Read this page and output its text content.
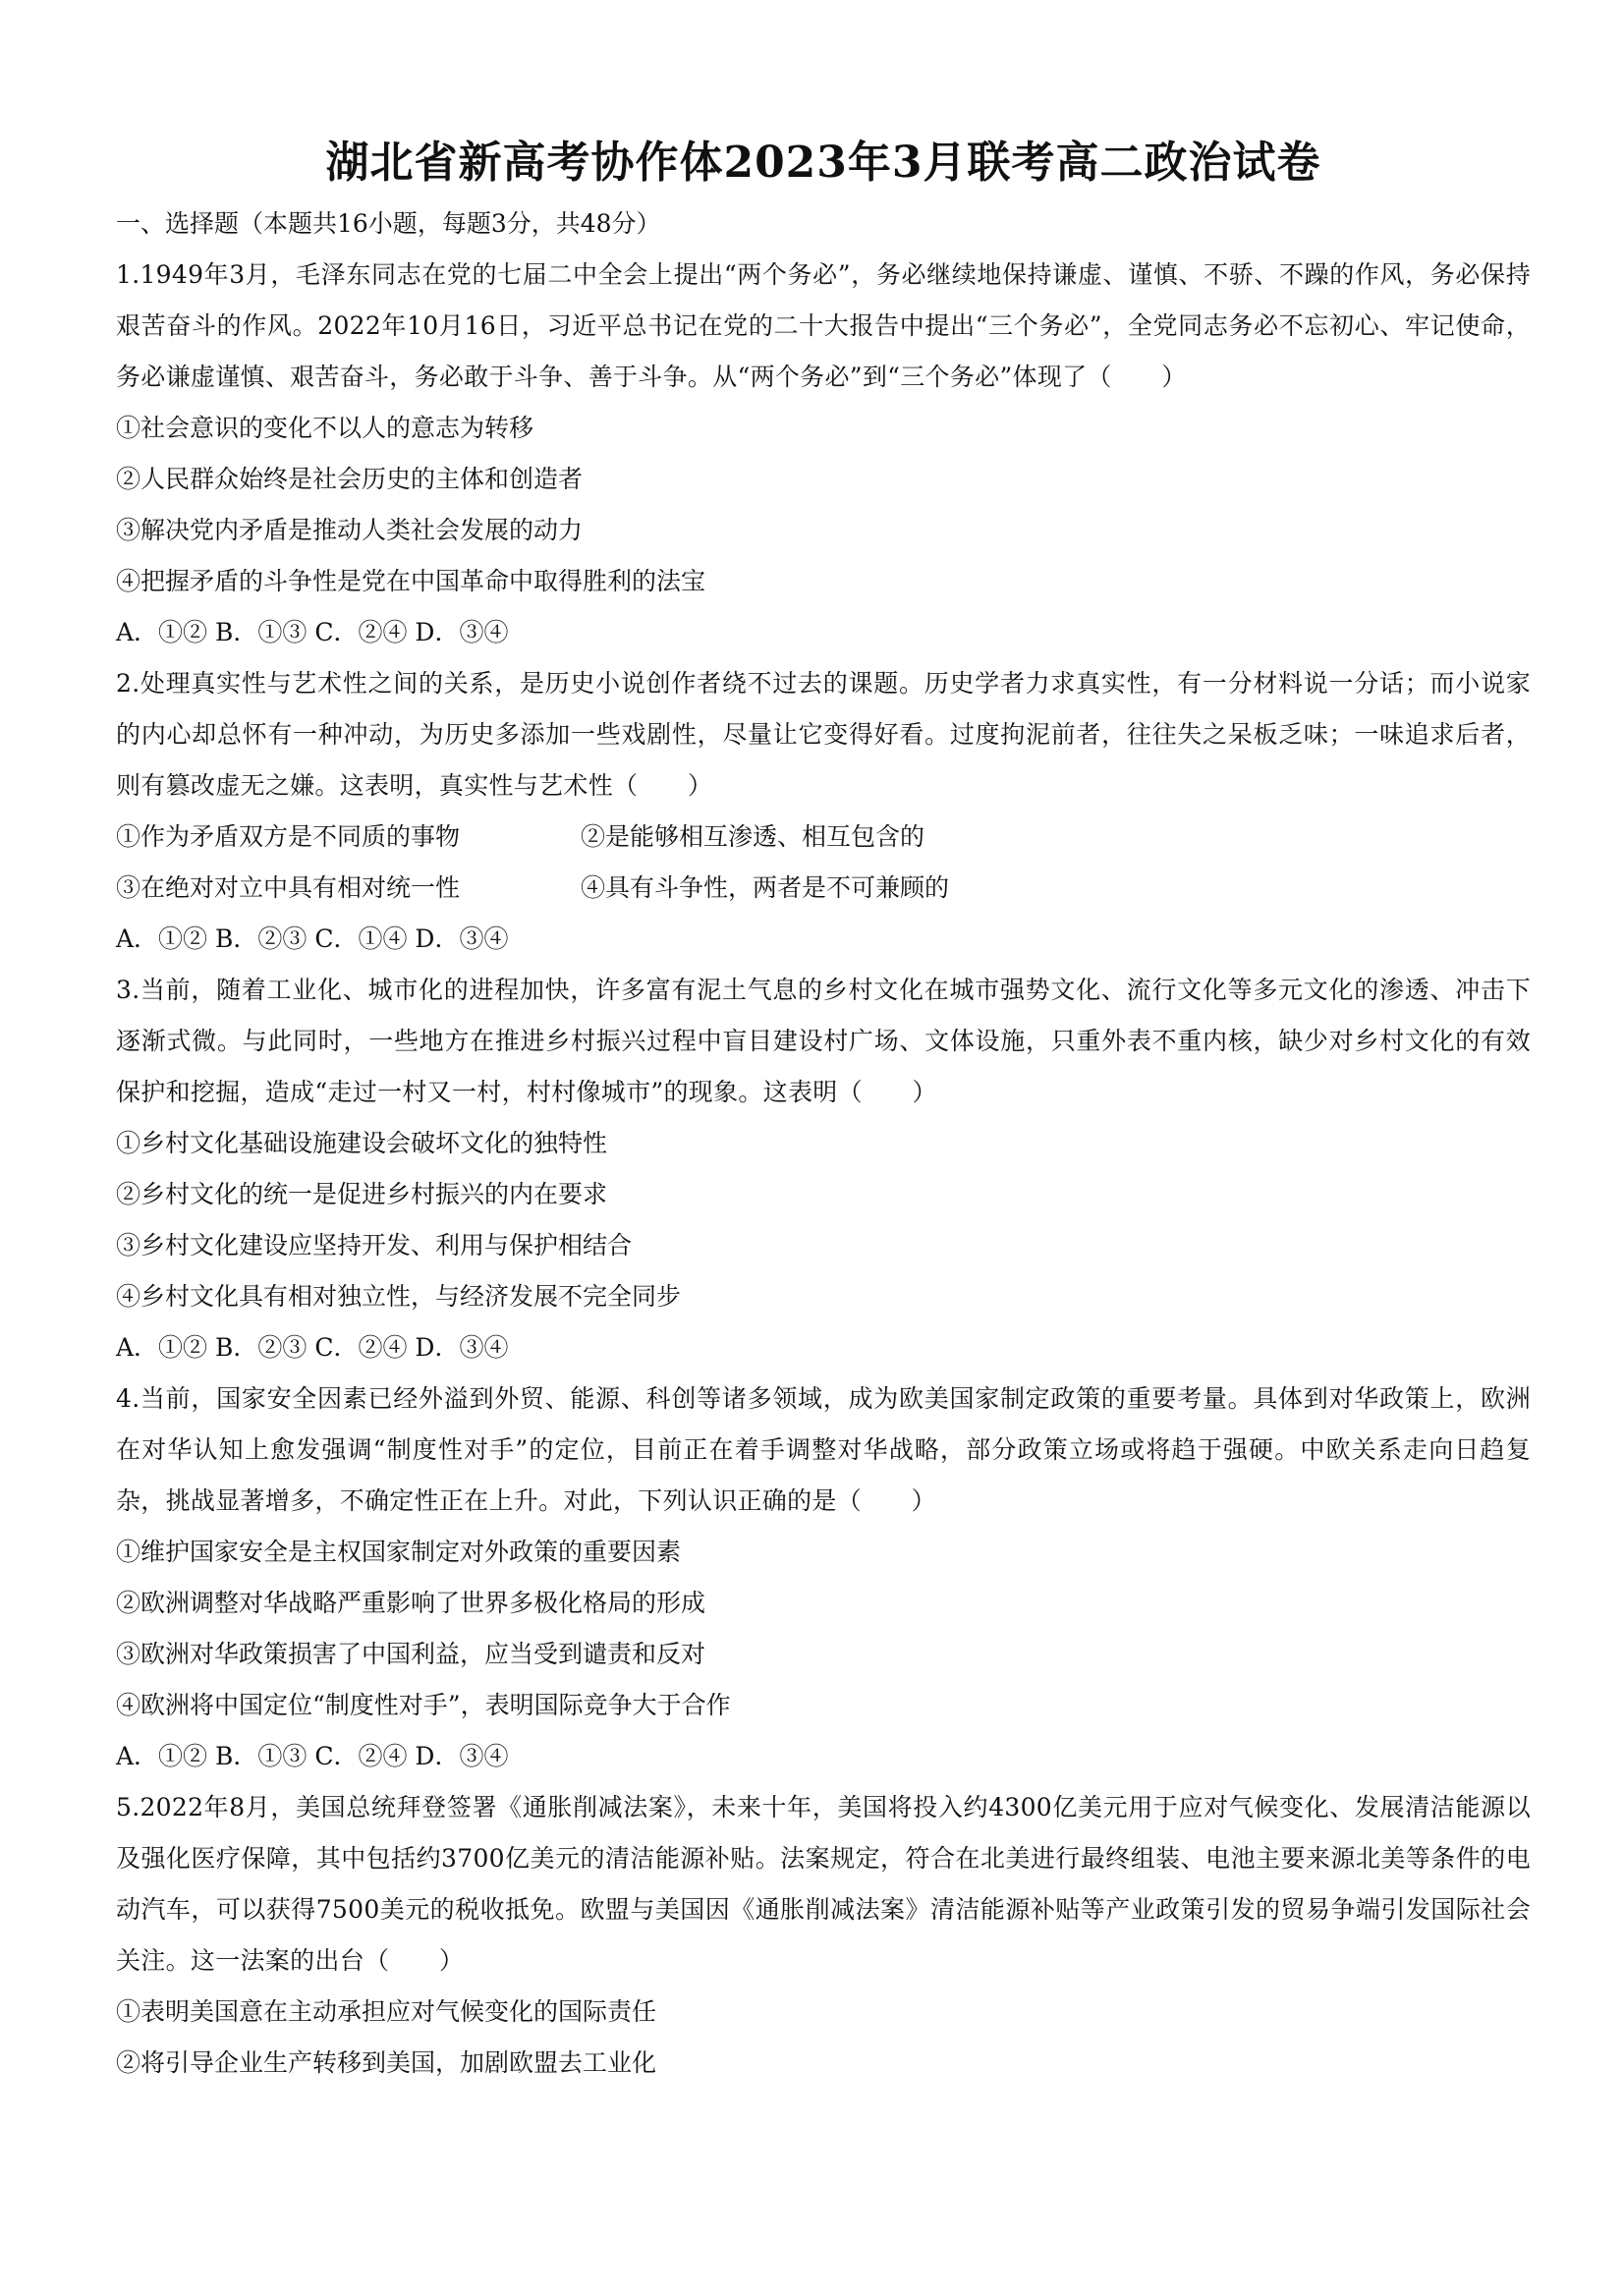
湖北省新高考协作体2023年3月联考高二政治试卷
一、选择题（本题共16小题，每题3分，共48分）
1.1949年3月，毛泽东同志在党的七届二中全会上提出“两个务必”，务必继续地保持谦虚、谨慎、不骄、不躁的作风，务必保持艰苦奋斗的作风。2022年10月16日，习近平总书记在党的二十大报告中提出“三个务必”，全党同志务必不忘初心、牢记使命，务必谦虚谨慎、艰苦奋斗，务必敢于斗争、善于斗争。从“两个务必”到“三个务必”体现了（　　）
①社会意识的变化不以人的意志为转移
②人民群众始终是社会历史的主体和创造者
③解决党内矛盾是推动人类社会发展的动力
④把握矛盾的斗争性是党在中国革命中取得胜利的法宝
A．①② B．①③ C．②④ D．③④
2.处理真实性与艺术性之间的关系，是历史小说创作者绕不过去的课题。历史学者力求真实性，有一分材料说一分话；而小说家的内心却总怀有一种冲动，为历史多添加一些戏剧性，尽量让它变得好看。过度拘泥前者，往往失之呆板乏味；一味追求后者，则有篡改虚无之嫌。这表明，真实性与艺术性（　　）
①作为矛盾双方是不同质的事物	②是能够相互渗透、相互包含的
③在绝对对立中具有相对统一性	④具有斗争性，两者是不可兼顾的
A．①② B．②③ C．①④ D．③④
3.当前，随着工业化、城市化的进程加快，许多富有泥土气息的乡村文化在城市强势文化、流行文化等多元文化的渗透、冲击下逐渐式微。与此同时，一些地方在推进乡村振兴过程中盲目建设村广场、文体设施，只重外表不重内核，缺少对乡村文化的有效保护和挖掘，造成“走过一村又一村，村村像城市”的现象。这表明（　　）
①乡村文化基础设施建设会破坏文化的独特性
②乡村文化的统一是促进乡村振兴的内在要求
③乡村文化建设应坚持开发、利用与保护相结合
④乡村文化具有相对独立性，与经济发展不完全同步
A．①② B．②③ C．②④ D．③④
4.当前，国家安全因素已经外溢到外贸、能源、科创等诸多领域，成为欧美国家制定政策的重要考量。具体到对华政策上，欧洲在对华认知上愈发强调“制度性对手”的定位，目前正在着手调整对华战略，部分政策立场或将趋于强硬。中欧关系走向日趋复杂，挑战显著增多，不确定性正在上升。对此，下列认识正确的是（　　）
①维护国家安全是主权国家制定对外政策的重要因素
②欧洲调整对华战略严重影响了世界多极化格局的形成
③欧洲对华政策损害了中国利益，应当受到谴责和反对
④欧洲将中国定位“制度性对手”，表明国际竞争大于合作
A．①② B．①③ C．②④ D．③④
5.2022年8月，美国总统拜登签署《通胀削减法案》，未来十年，美国将投入约4300亿美元用于应对气候变化、发展清洁能源以及强化医疗保障，其中包括约3700亿美元的清洁能源补贴。法案规定，符合在北美进行最终组装、电池主要来源北美等条件的电动汽车，可以获得7500美元的税收抵免。欧盟与美国因《通胀削减法案》清洁能源补贴等产业政策引发的贸易争端引发国际社会关注。这一法案的出台（　　）
①表明美国意在主动承担应对气候变化的国际责任
②将引导企业生产转移到美国，加剧欧盟去工业化
